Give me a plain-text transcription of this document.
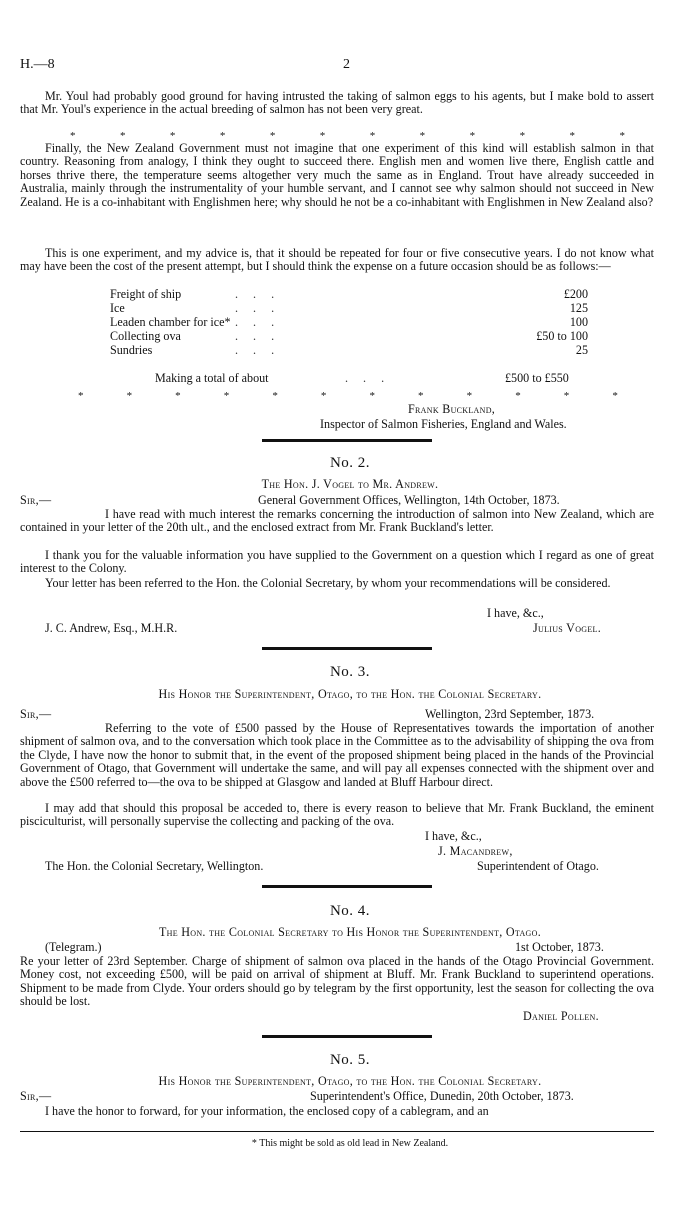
H.—8	2

Mr. Youl had probably good ground for having intrusted the taking of salmon eggs to his agents, but I make bold to assert that Mr. Youl's experience in the actual breeding of salmon has not been very great.

*	*	*	*	*	*	*	*	*	*	*	*

Finally, the New Zealand Government must not imagine that one experiment of this kind will establish salmon in that country. Reasoning from analogy, I think they ought to succeed there. English men and women live there, English cattle and horses thrive there, the temperature seems altogether very much the same as in England. Trout have already succeeded in Australia, mainly through the instrumentality of your humble servant, and I cannot see why salmon should not succeed in New Zealand. He is a co-inhabitant with Englishmen here; why should he not be a co-inhabitant with Englishmen in New Zealand also?

This is one experiment, and my advice is, that it should be repeated for four or five consecutive years. I do not know what may have been the cost of the present attempt, but I should think the expense on a future occasion should be as follows:—

Freight of ship	. . .	£200
Ice	. . .	125
Leaden chamber for ice* . . .	100
Collecting ova	. . .	£50 to 100
Sundries	. . .	25
Making a total of about	. . .	£500 to £550
*	*	*	*	*	*	*	*	*	*	*	*
Frank Buckland,
Inspector of Salmon Fisheries, England and Wales.
No. 2.
The Hon. J. Vogel to Mr. Andrew.
Sir,—	General Government Offices, Wellington, 14th October, 1873.

I have read with much interest the remarks concerning the introduction of salmon into New Zealand, which are contained in your letter of the 20th ult., and the enclosed extract from Mr. Frank Buckland's letter.

I thank you for the valuable information you have supplied to the Government on a question which I regard as one of great interest to the Colony.

Your letter has been referred to the Hon. the Colonial Secretary, by whom your recommendations will be considered.

I have, &c.,
J. C. Andrew, Esq., M.H.R.	Julius Vogel.
No. 3.
His Honor the Superintendent, Otago, to the Hon. the Colonial Secretary.
Sir,—	Wellington, 23rd September, 1873.

Referring to the vote of £500 passed by the House of Representatives towards the importation of another shipment of salmon ova, and to the conversation which took place in the Committee as to the advisability of shipping the ova from the Clyde, I have now the honor to submit that, in the event of the proposed shipment being placed in the hands of the Provincial Government of Otago, that Government will undertake the same, and will pay all expenses connected with the shipment over and above the £500 referred to—the ova to be shipped at Glasgow and landed at Bluff Harbour direct.

I may add that should this proposal be acceded to, there is every reason to believe that Mr. Frank Buckland, the eminent pisciculturist, will personally supervise the collecting and packing of the ova.

I have, &c.,
J. Macandrew,
The Hon. the Colonial Secretary, Wellington.	Superintendent of Otago.
No. 4.
The Hon. the Colonial Secretary to His Honor the Superintendent, Otago.
(Telegram.)	1st October, 1873.

Re your letter of 23rd September. Charge of shipment of salmon ova placed in the hands of the Otago Provincial Government. Money cost, not exceeding £500, will be paid on arrival of shipment at Bluff. Mr. Frank Buckland to superintend operations. Shipment to be made from Clyde. Your orders should go by telegram by the first opportunity, lest the season for collecting the ova should be lost.

Daniel Pollen.
No. 5.
His Honor the Superintendent, Otago, to the Hon. the Colonial Secretary.
Sir,—	Superintendent's Office, Dunedin, 20th October, 1873.

I have the honor to forward, for your information, the enclosed copy of a cablegram, and an

* This might be sold as old lead in New Zealand.
